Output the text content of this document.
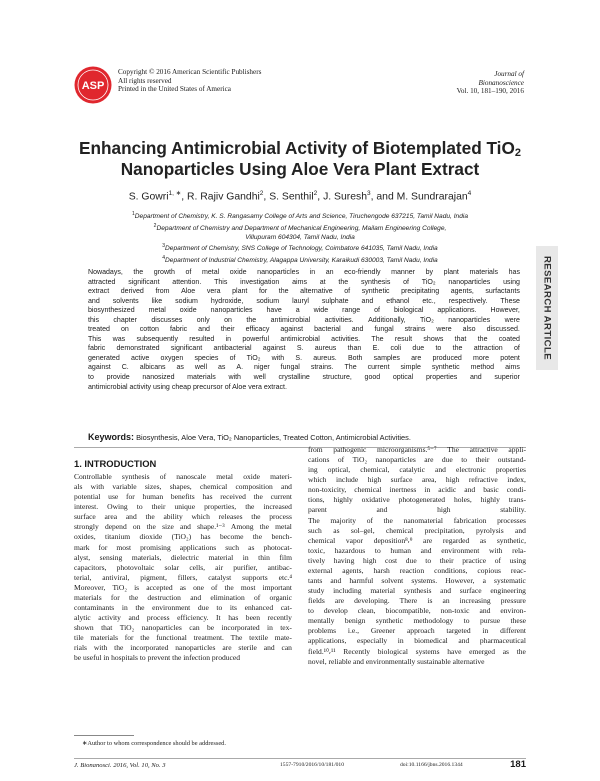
ASP
Copyright © 2016 American Scientific Publishers
All rights reserved
Printed in the United States of America
Journal of
Bionanoscience
Vol. 10, 181–190, 2016
Enhancing Antimicrobial Activity of Biotemplated TiO$_2$
Nanoparticles Using Aloe Vera Plant Extract
S. Gowri$^{1, ∗}$, R. Rajiv Gandhi$^2$, S. Senthil$^2$, J. Suresh$^3$, and M. Sundrarajan$^4$
$^1$Department of Chemistry, K. S. Rangasamy College of Arts and Science, Tiruchengode 637215, Tamil Nadu, India
$^2$Department of Chemistry and Department of Mechanical Engineering, Mailam Engineering College,
Villupuram 604304, Tamil Nadu, India
$^3$Department of Chemistry, SNS College of Technology, Coimbatore 641035, Tamil Nadu, India
$^4$Department of Industrial Chemistry, Alagappa University, Karaikudi 630003, Tamil Nadu, India	RESEARCH ARTICLE
Nowadays, the growth of metal oxide nanoparticles in an eco-friendly manner by plant materials has
attracted significant attention. This investigation aims at the synthesis of TiO₂ nanoparticles using
extract derived from Aloe vera plant for the alternative of synthetic precipitating agents, surfactants
and solvents like sodium hydroxide, sodium lauryl sulphate and ethanol etc., respectively. These
biosynthesized metal oxide nanoparticles have a wide range of biological applications. However,
this chapter discusses only on the antimicrobial activities. Additionally, TiO₂ nanoparticles were
treated on cotton fabric and their efficacy against bacterial and fungal strains were also discussed.
This was subsequently resulted in powerful antimicrobial activities. The result shows that the coated
fabric demonstrated significant antibacterial against S. aureus than E. coli due to the attraction of
generated active oxygen species of TiO₂ with S. aureus. Both samples are produced more potent
against C. albicans as well as A. niger fungal strains. The current simple synthetic method aims
to provide nanosized materials with well crystalline structure, good optical properties and superior
antimicrobial activity using cheap precursor of Aloe vera extract.
Keywords: Biosynthesis, Aloe Vera, TiO₂ Nanoparticles, Treated Cotton, Antimicrobial Activities.
1. INTRODUCTION
Controllable synthesis of nanoscale metal oxide materi-
als with variable sizes, shapes, chemical composition and
potential use for human benefits has received the current
interest. Owing to their unique properties, the increased
surface area and the ability which releases the process
strongly depend on the size and shape.¹⁻³ Among the metal
oxides, titanium dioxide (TiO₂) has become the bench-
mark for most promising applications such as photocat-
alyst, sensing materials, dielectric material in thin film
capacitors, photovoltaic solar cells, air purifier, antibac-
terial, antiviral, pigment, fillers, catalyst supports etc.⁴
Moreover, TiO₂ is accepted as one of the most important
materials for the destruction and elimination of organic
contaminants in the environment due to its enhanced cat-
alytic activity and process efficiency. It has been recently
shown that TiO₂ nanoparticles can be incorporated in tex-
tile materials for the functional treatment. The textile mate-
rials with the incorporated nanoparticles are sterile and can
be useful in hospitals to prevent the infection produced
from pathogenic microorganisms.⁵⁻⁷ The attractive appli-
cations of TiO₂ nanoparticles are due to their outstand-
ing optical, chemical, catalytic and electronic properties
which include high surface area, high refractive index,
non-toxicity, chemical inertness in acidic and basic condi-
tions, highly oxidative photogenerated holes, highly trans-
parent	and	high	stability.
The majority of the nanomaterial fabrication processes
such as sol–gel, chemical precipitation, pyrolysis and
chemical vapor deposition⁸⸴⁹ are regarded as synthetic,
toxic, hazardous to human and environment with rela-
tively having high cost due to their practice of using
external agents, harsh reaction conditions, copious reac-
tants and harmful solvent systems. However, a systematic
study including material synthesis and surface engineering
fields are developing. There is an increasing pressure
to develop clean, biocompatible, non-toxic and environ-
mentally benign synthetic methodology to pursue these
problems i.e., Greener approach targeted in different
applications, especially in biomedical and pharmaceutical
field.¹⁰⸴¹¹ Recently biological systems have emerged as the
novel, reliable and environmentally sustainable alternative
∗Author to whom correspondence should be addressed.
J. Bionanosci. 2016, Vol. 10, No. 3	1557-7910/2016/10/181/010	doi:10.1166/jbns.2016.1344	181
